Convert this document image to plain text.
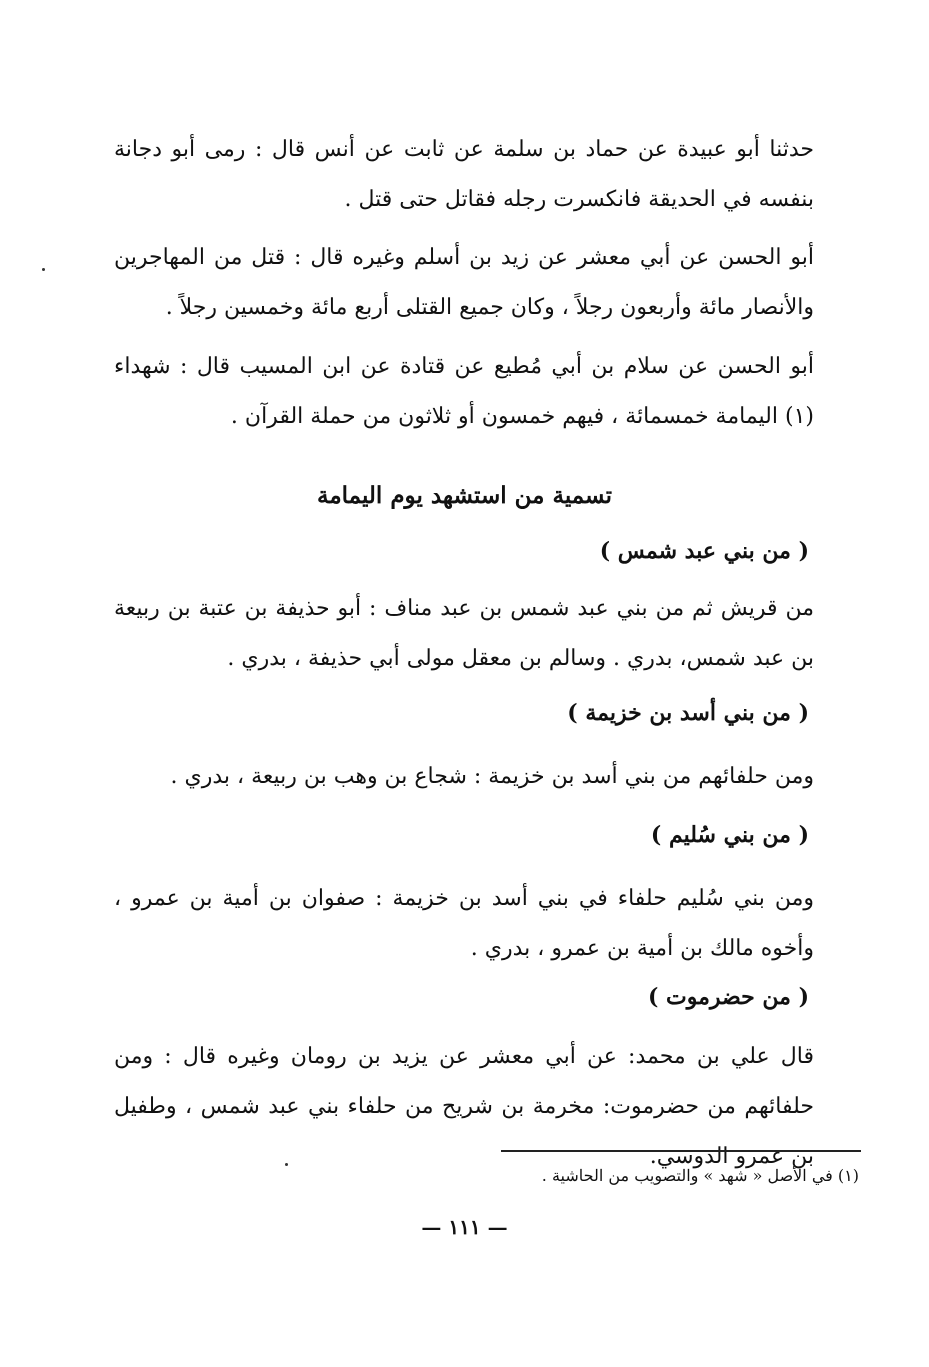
حدثنا أبو عبيدة عن حماد بن سلمة عن ثابت عن أنس قال : رمى أبو دجانة بنفسه في الحديقة فانكسرت رجله فقاتل حتى قتل .

أبو الحسن عن أبي معشر عن زيد بن أسلم وغيره قال : قتل من المهاجرين والأنصار مائة وأربعون رجلاً ، وكان جميع القتلى أربع مائة وخمسين رجلاً .

أبو الحسن عن سلام بن أبي مُطيع عن قتادة عن ابن المسيب قال : شهداء (١) اليمامة خمسمائة ، فيهم خمسون أو ثلاثون من حملة القرآن .

تسمية من استشهد يوم اليمامة
( من بني عبد شمس )

من قريش ثم من بني عبد شمس بن عبد مناف : أبو حذيفة بن عتبة بن ربيعة بن عبد شمس، بدري . وسالم بن معقل مولى أبي حذيفة ، بدري .

( من بني أسد بن خزيمة )

ومن حلفائهم من بني أسد بن خزيمة : شجاع بن وهب بن ربيعة ، بدري .

( من بني سُليم )

ومن بني سُليم حلفاء في بني أسد بن خزيمة : صفوان بن أمية بن عمرو ، وأخوه مالك بن أمية بن عمرو ، بدري .

( من حضرموت )

قال علي بن محمد: عن أبي معشر عن يزيد بن رومان وغيره قال : ومن حلفائهم من حضرموت: مخرمة بن شريح من حلفاء بني عبد شمس ، وطفيل بن عمرو الدوسي.

(١) في الأصل « شهد » والتصويب من الحاشية .

— ١١١ —
